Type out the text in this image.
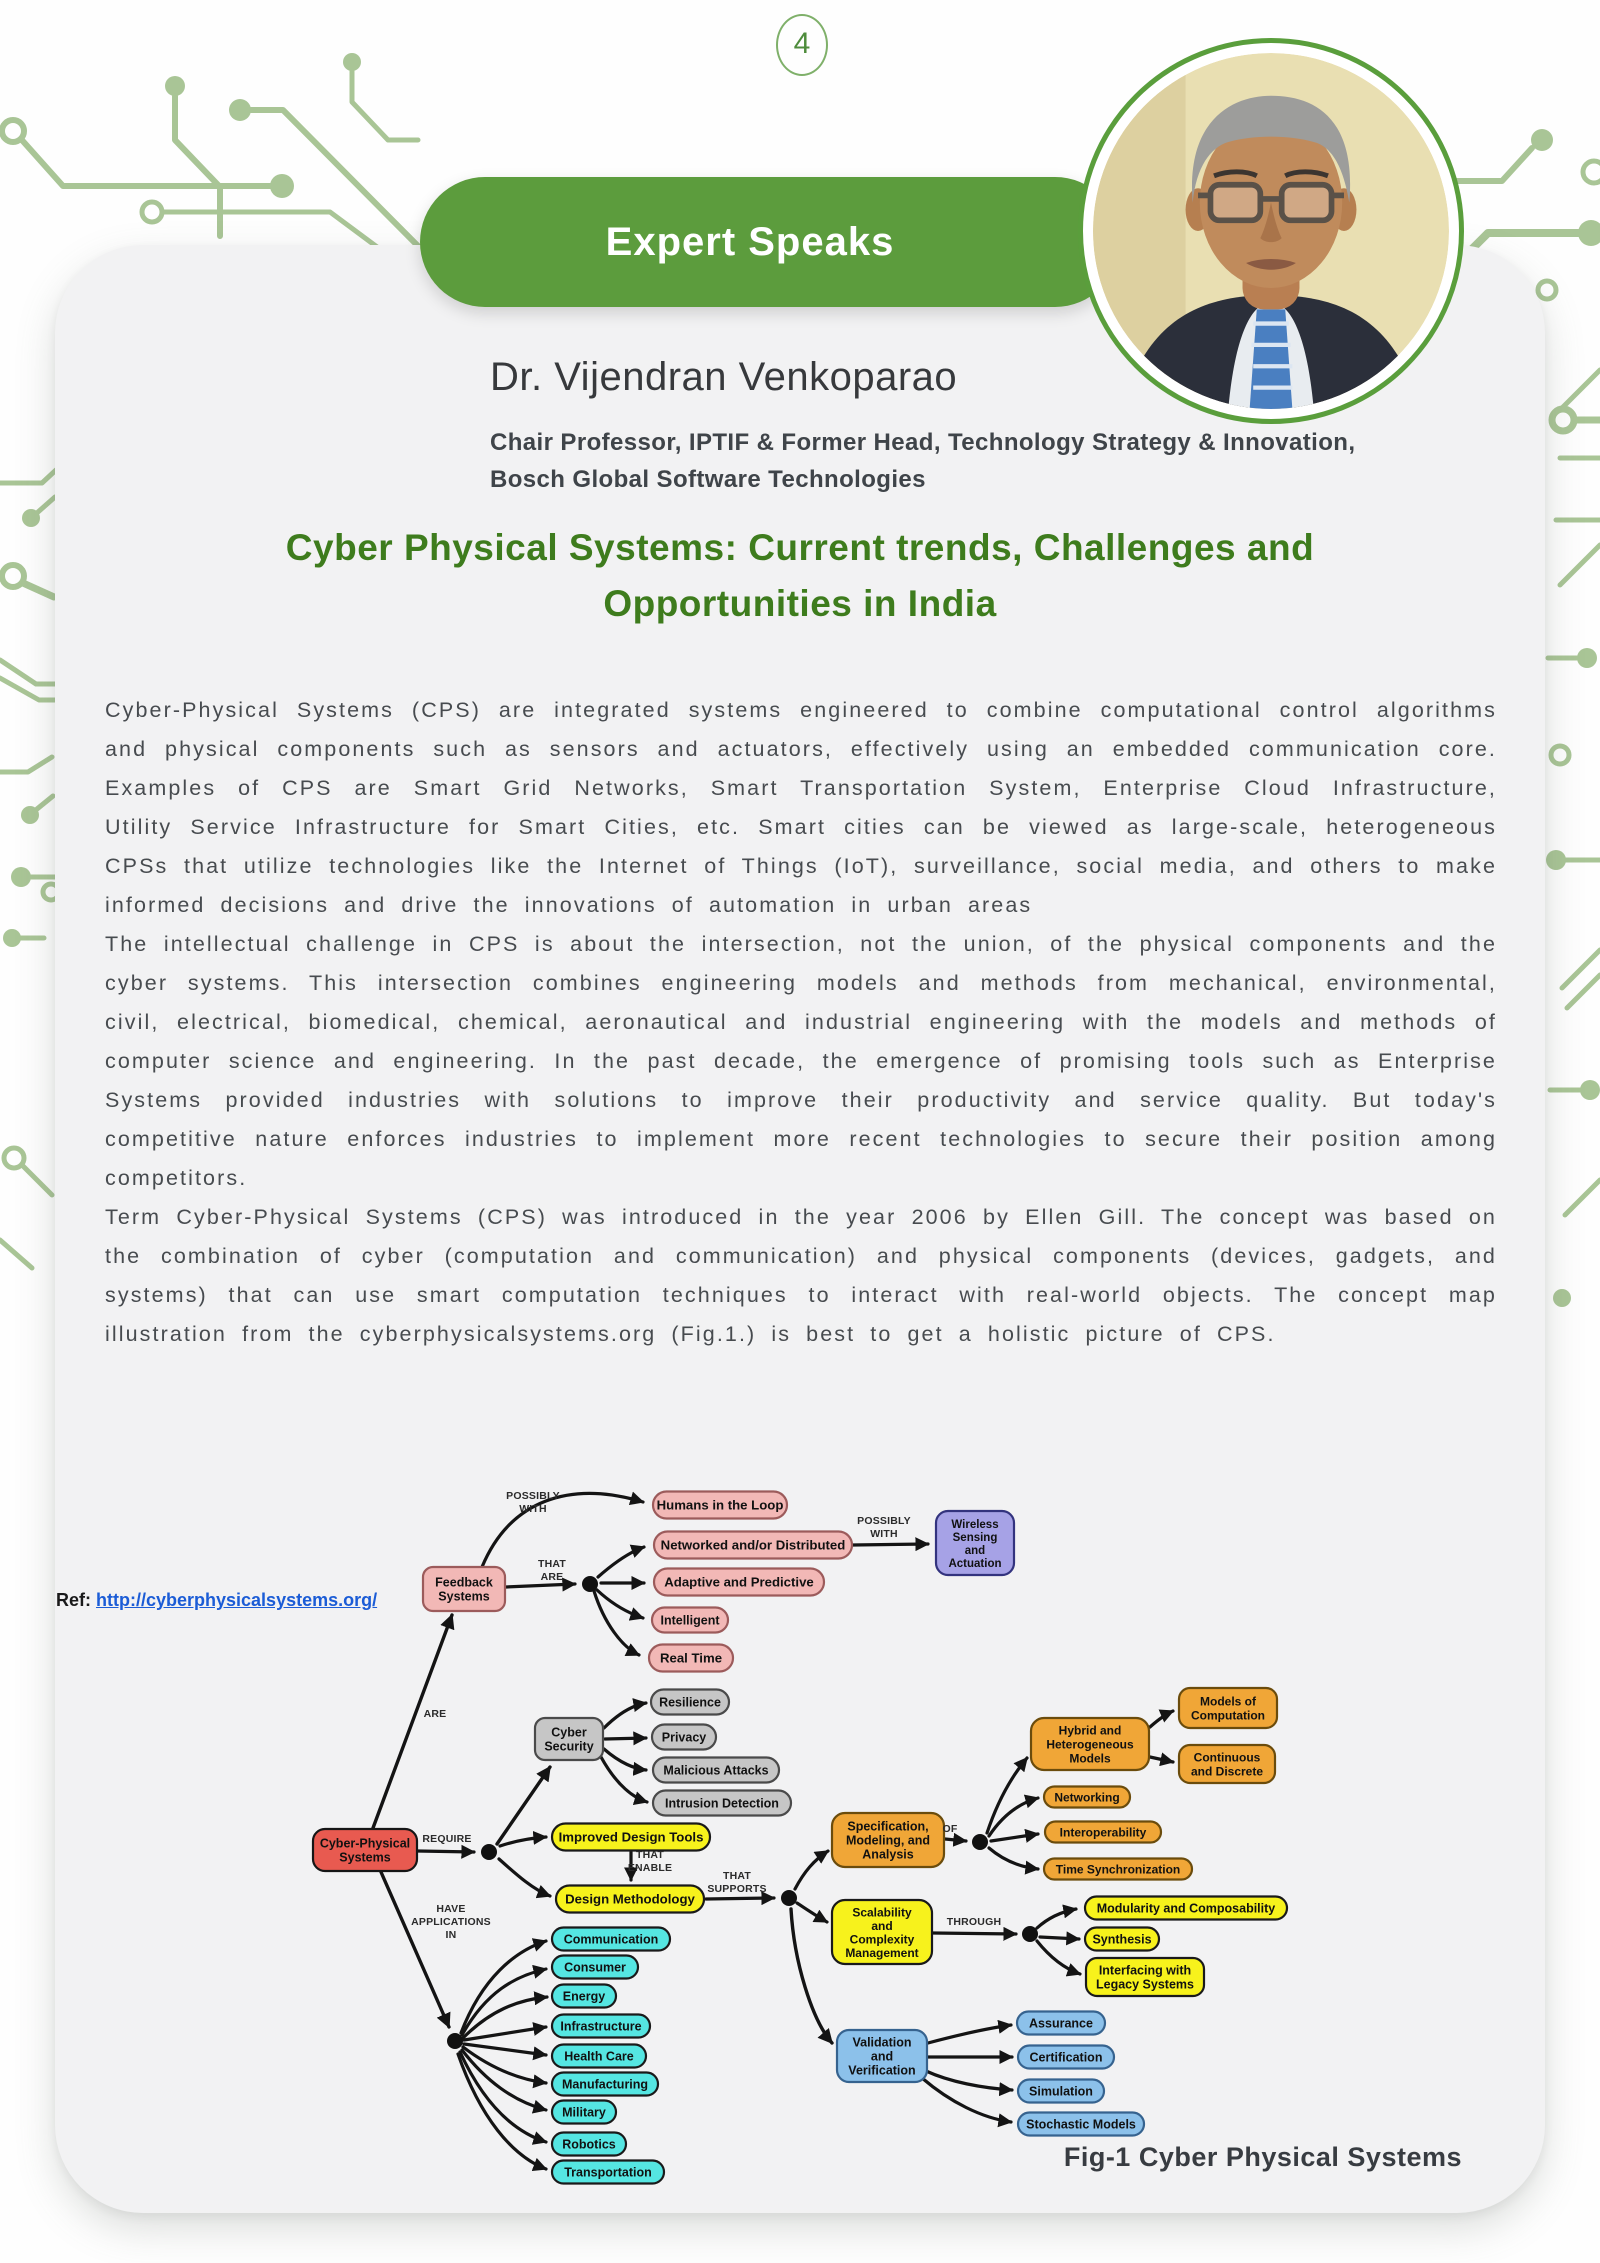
4
Expert Speaks
Dr. Vijendran Venkoparao
Chair Professor, IPTIF & Former Head, Technology Strategy & Innovation, Bosch Global Software Technologies
Cyber Physical Systems: Current trends, Challenges and Opportunities in India

Cyber-Physical Systems (CPS) are integrated systems engineered to combine computational control algorithms and physical components such as sensors and actuators, effectively using an embedded communication core. Examples of CPS are Smart Grid Networks, Smart Transportation System, Enterprise Cloud Infrastructure, Utility Service Infrastructure for Smart Cities, etc. Smart cities can be viewed as large-scale, heterogeneous CPSs that utilize technologies like the Internet of Things (IoT), surveillance, social media, and others to make informed decisions and drive the innovations of automation in urban areas

The intellectual challenge in CPS is about the intersection, not the union, of the physical components and the cyber systems. This intersection combines engineering models and methods from mechanical, environmental, civil, electrical, biomedical, chemical, aeronautical and industrial engineering with the models and methods of computer science and engineering. In the past decade, the emergence of promising tools such as Enterprise Systems provided industries with solutions to improve their productivity and service quality. But today's competitive nature enforces industries to implement more recent technologies to secure their position among competitors.

Term Cyber-Physical Systems (CPS) was introduced in the year 2006 by Ellen Gill. The concept was based on the combination of cyber (computation and communication) and physical components (devices, gadgets, and systems) that can use smart computation techniques to interact with real-world objects. The concept map illustration from the cyberphysicalsystems.org (Fig.1.) is best to get a holistic picture of CPS.

Ref: http://cyberphysicalsystems.org/
Feedback Systems
Humans in the Loop
Networked and/or Distributed
Adaptive and Predictive
Intelligent
Real Time
Wireless Sensing and Actuation
Cyber Security
Resilience
Privacy
Malicious Attacks
Intrusion Detection
Cyber-Physical Systems
Improved Design Tools
Design Methodology
Specification, Modeling, and Analysis
Hybrid and Heterogeneous Models
Models of Computation
Continuous and Discrete
Networking
Interoperability
Time Synchronization
Scalability and Complexity Management
Modularity and Composability
Synthesis
Interfacing with Legacy Systems
Validation and Verification
Assurance
Certification
Simulation
Stochastic Models
Communication
Consumer
Energy
Infrastructure
Health Care
Manufacturing
Military
Robotics
Transportation
POSSIBLY WITH
THAT ARE
POSSIBLY WITH
ARE
REQUIRE
THAT ENABLE
THAT SUPPORTS
OF
THROUGH
HAVE APPLICATIONS IN
Fig-1 Cyber Physical Systems
